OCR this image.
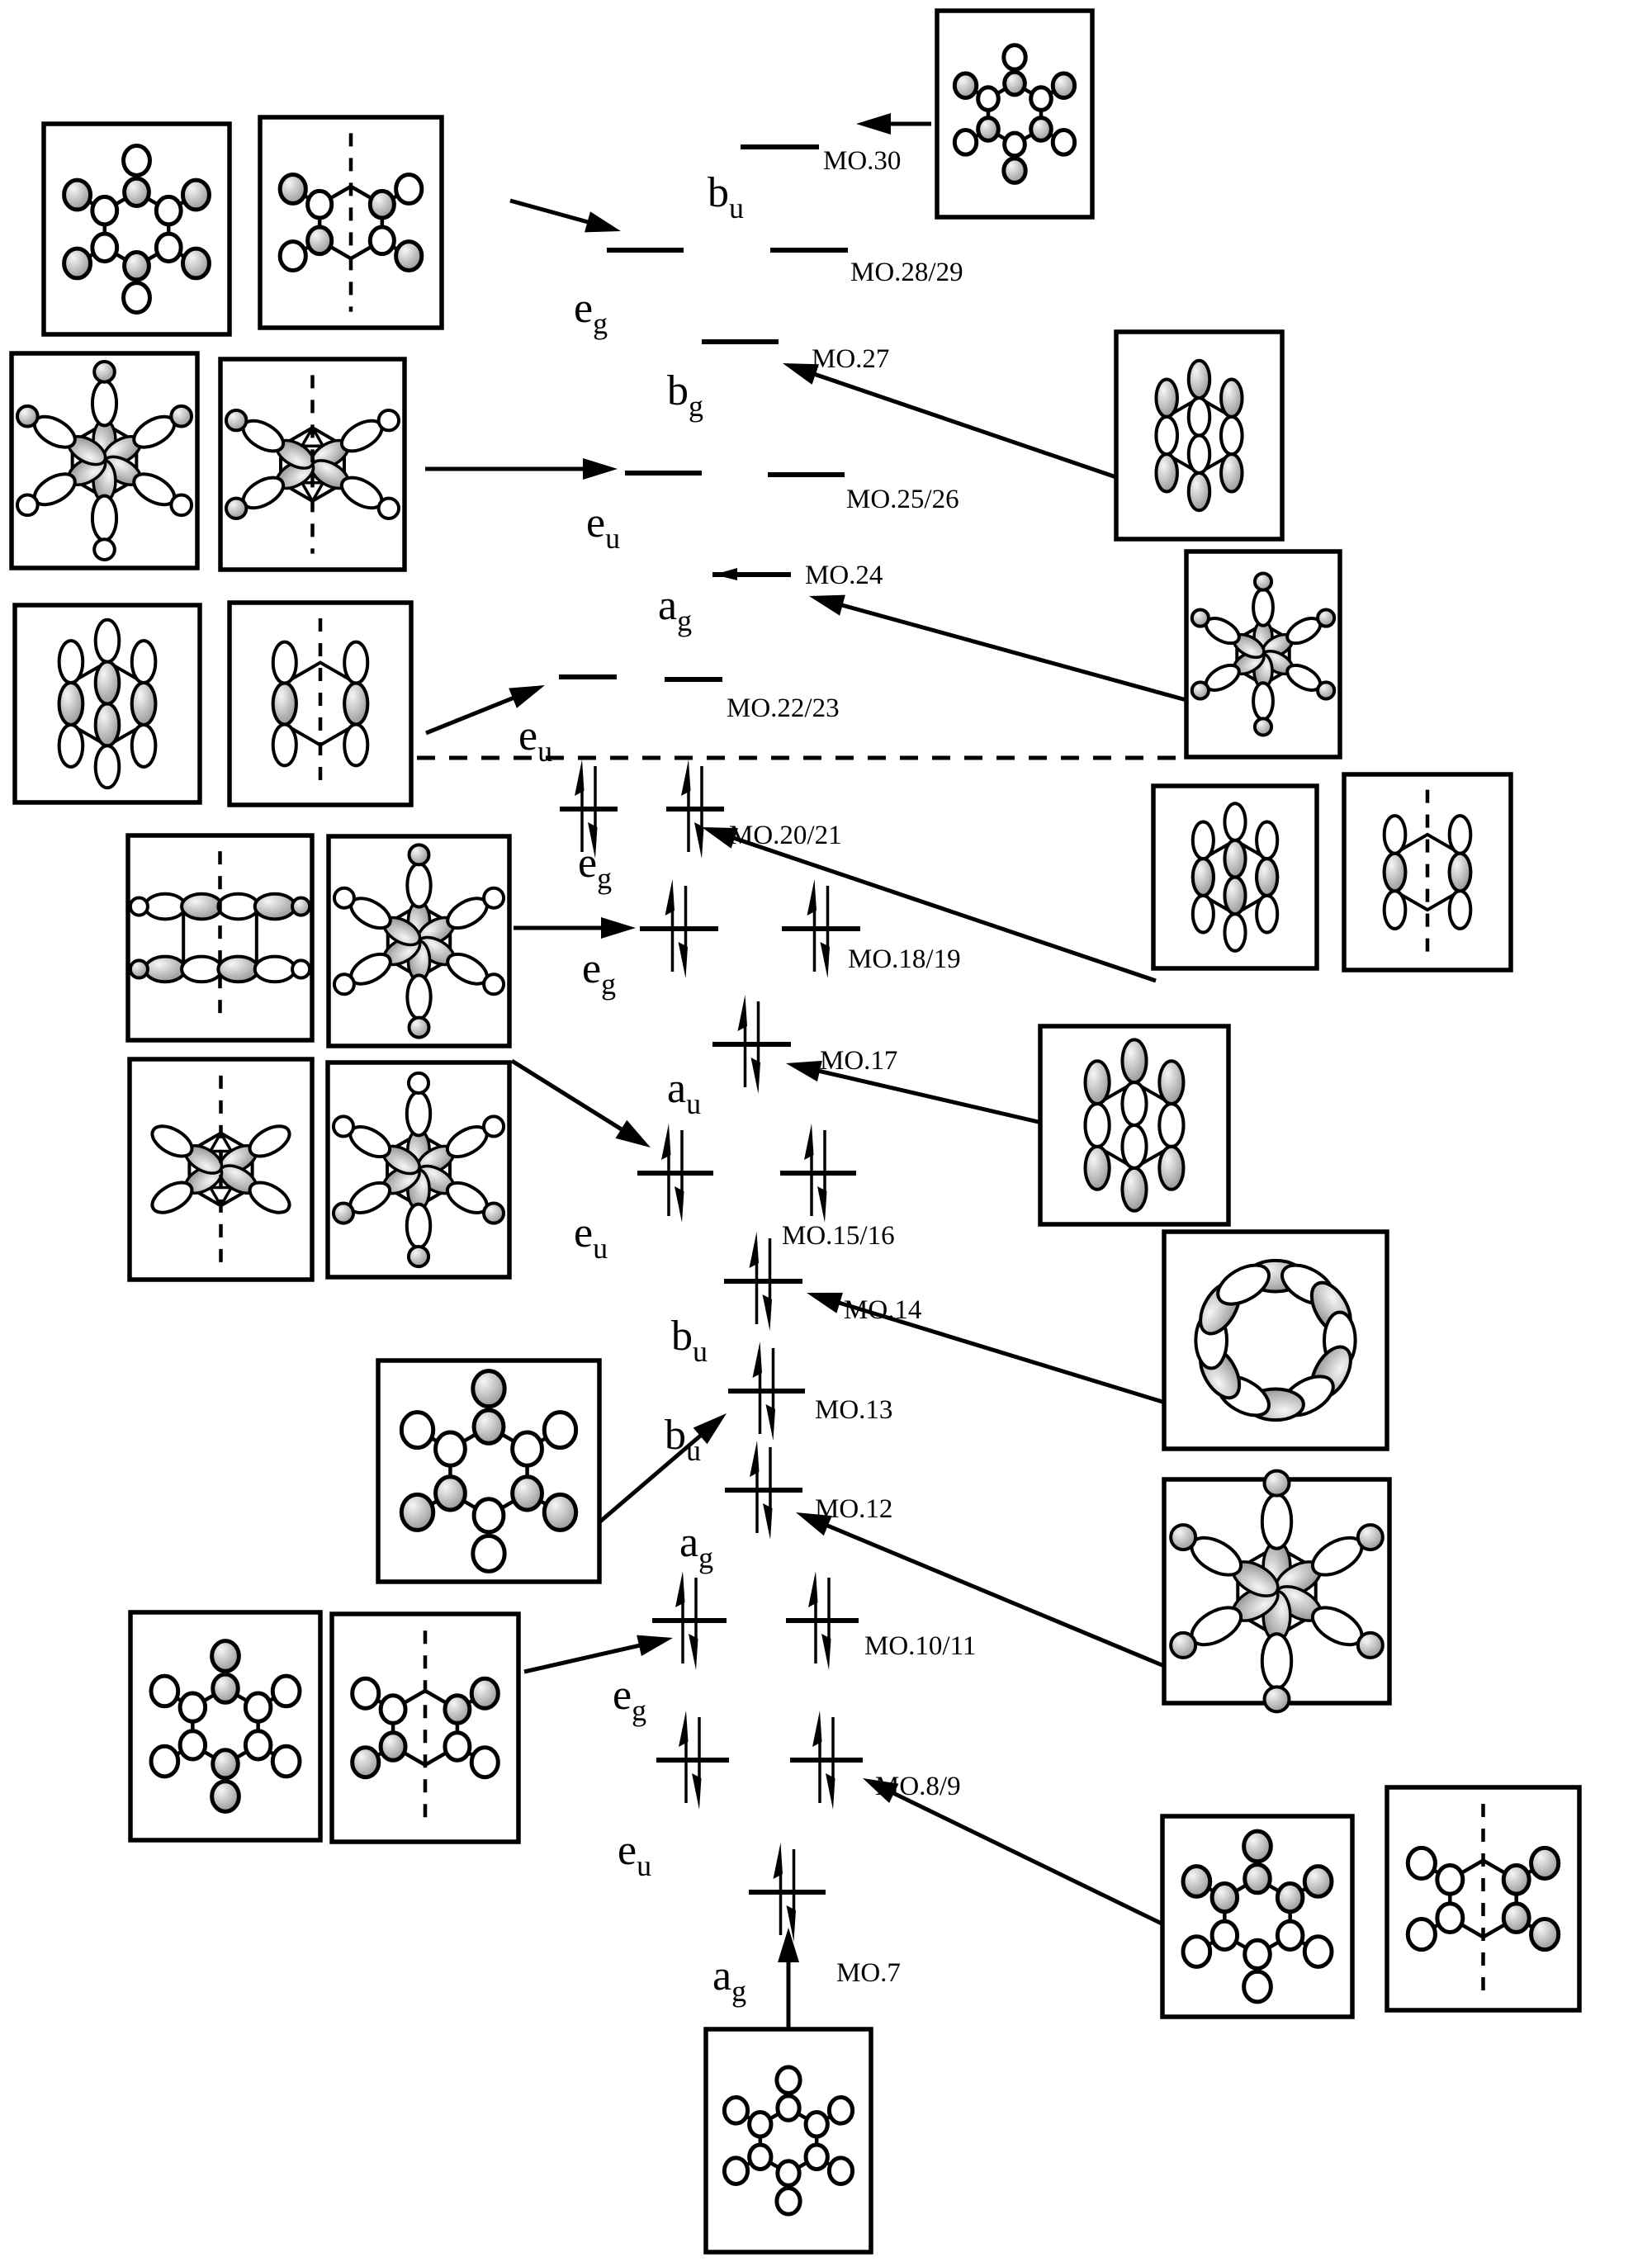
MO.30
MO.28/29
MO.27
MO.25/26
MO.24
MO.22/23
MO.20/21
MO.18/19
MO.17
MO.15/16
MO.14
MO.13
MO.12
MO.10/11
MO.8/9
MO.7
$b_u$
$e_g$
$b_g$
$e_u$
$a_g$
$e_u$
$e_g$
$e_g$
$a_u$
$e_u$
$b_u$
$b_u$
$a_g$
$e_g$
$e_u$
$a_g$
